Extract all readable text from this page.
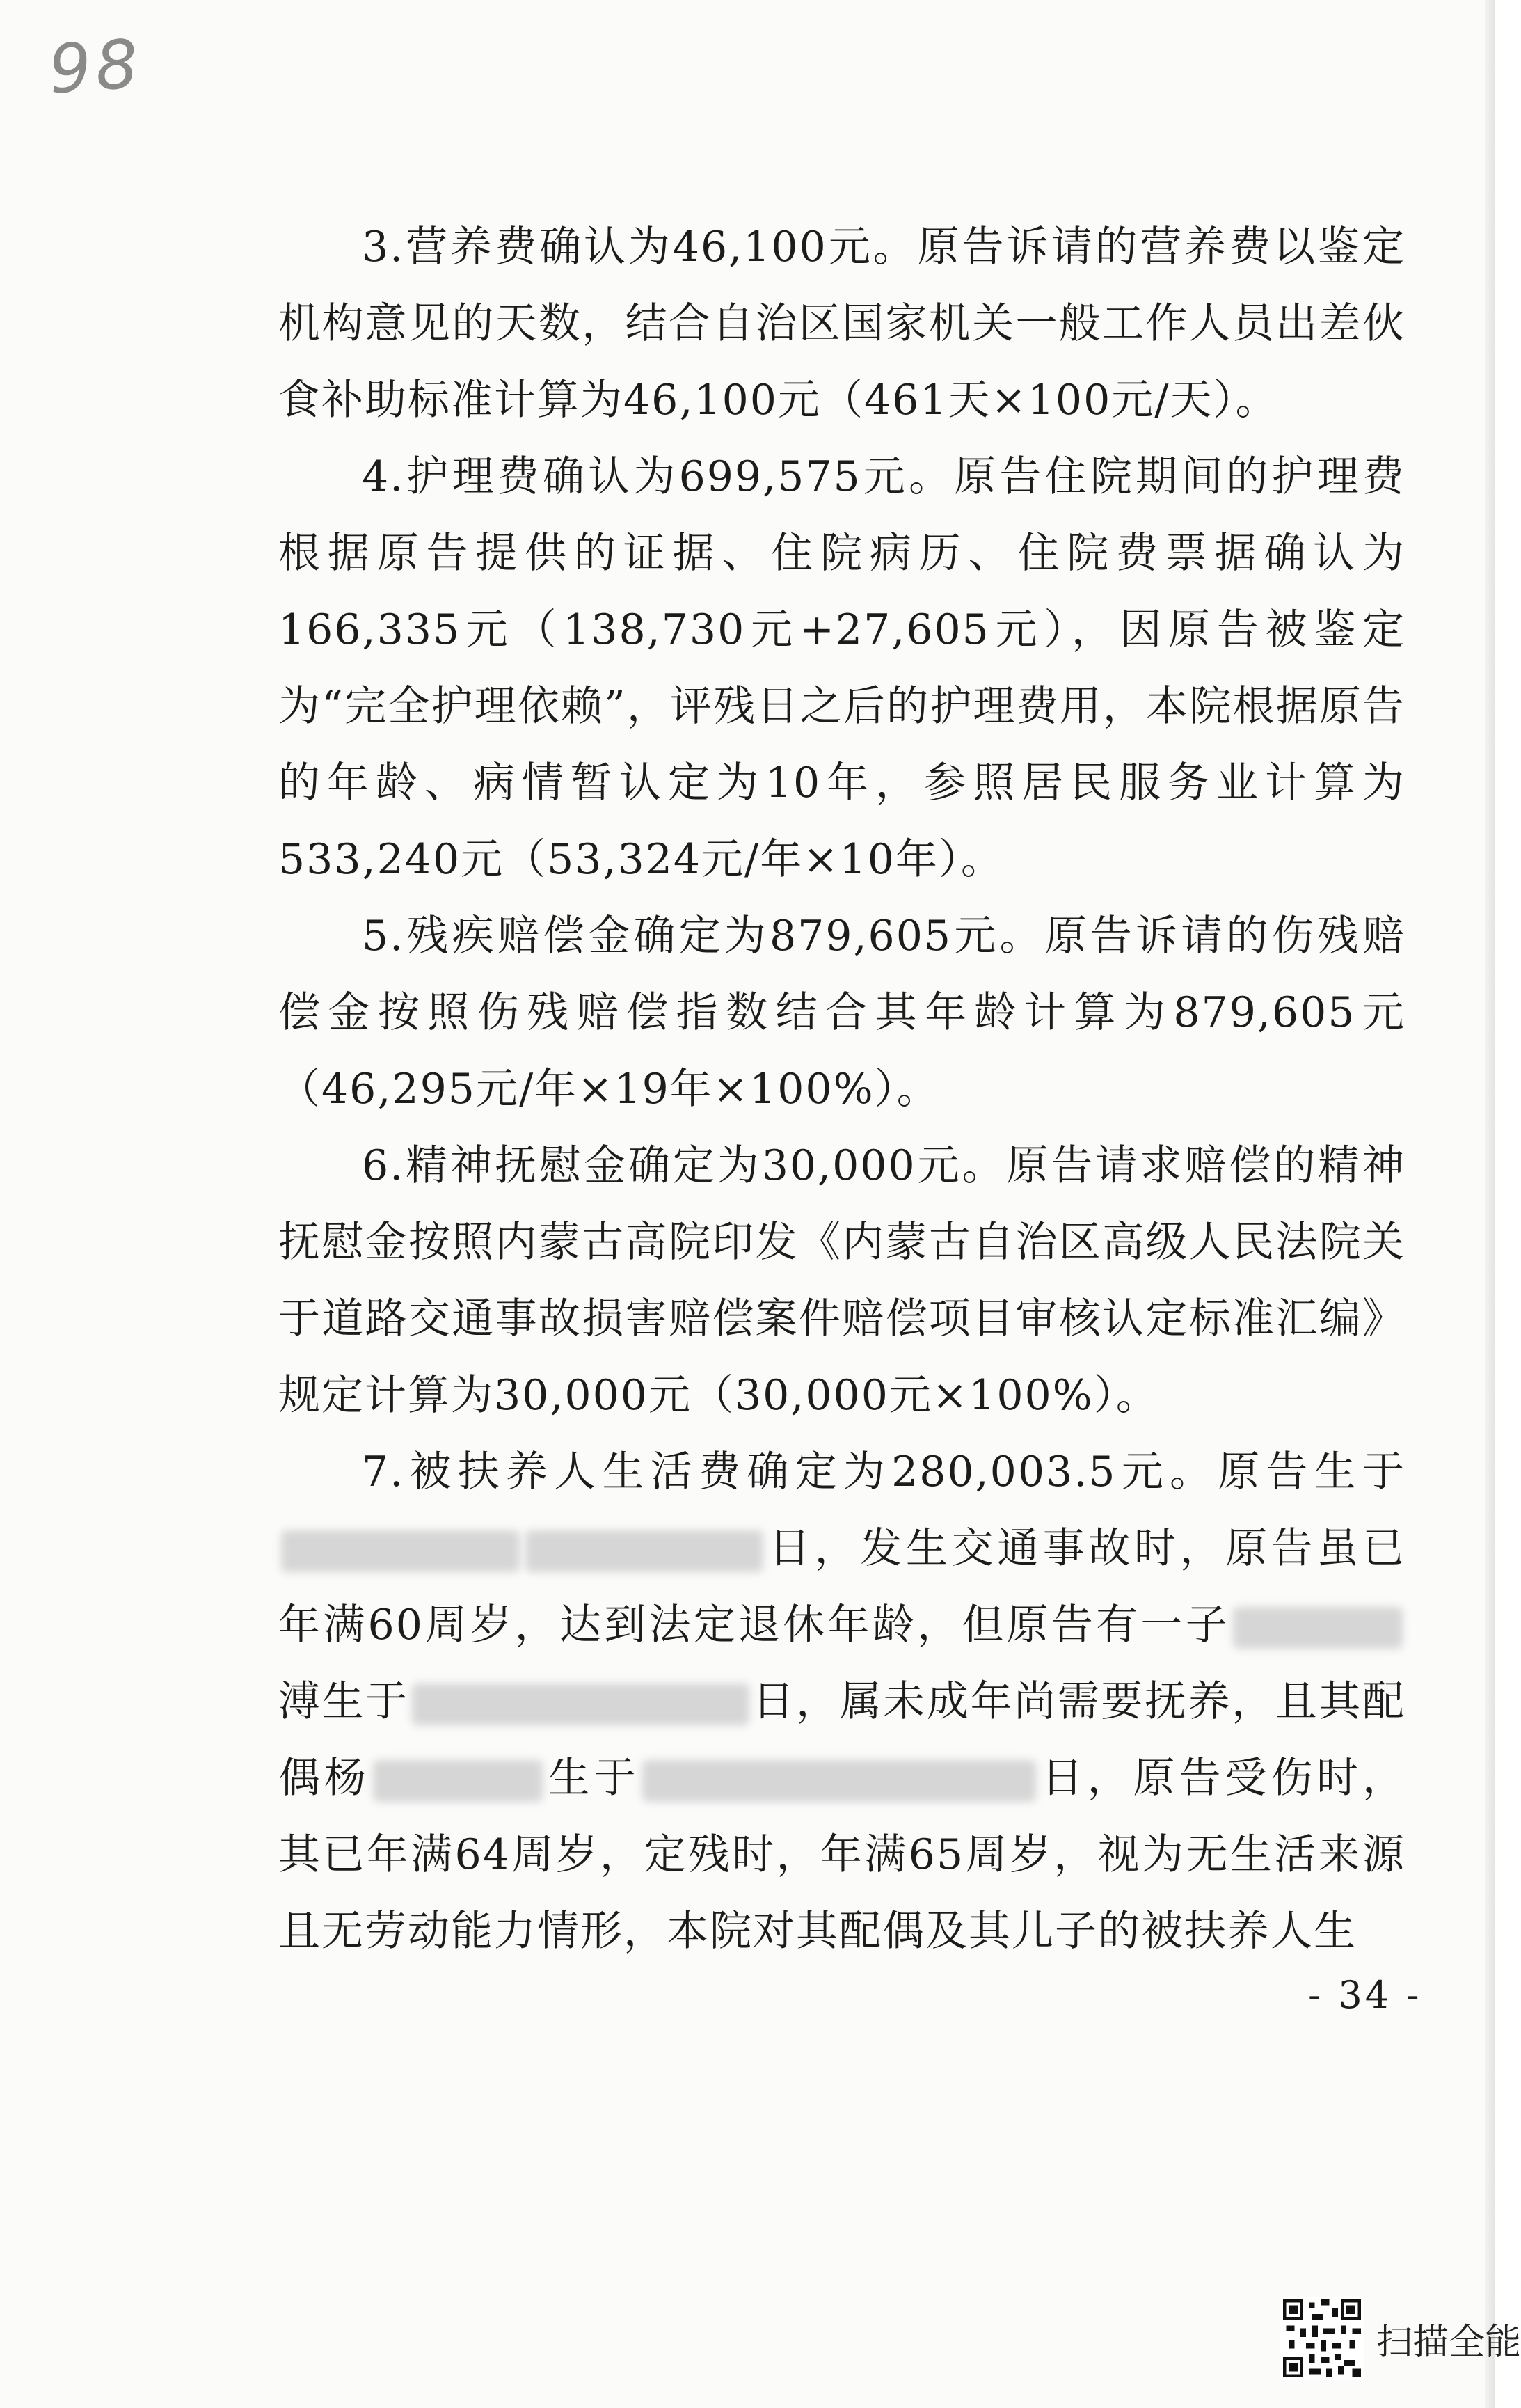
98

3.营养费确认为46,100元。原告诉请的营养费以鉴定机构意见的天数，结合自治区国家机关一般工作人员出差伙食补助标准计算为46,100元（461天×100元/天）。

4.护理费确认为699,575元。原告住院期间的护理费根据原告提供的证据、住院病历、住院费票据确认为166,335元（138,730元+27,605元），因原告被鉴定为“完全护理依赖”，评残日之后的护理费用，本院根据原告的年龄、病情暂认定为10年，参照居民服务业计算为533,240元（53,324元/年×10年）。

5.残疾赔偿金确定为879,605元。原告诉请的伤残赔偿金按照伤残赔偿指数结合其年龄计算为879,605元（46,295元/年×19年×100%）。

6.精神抚慰金确定为30,000元。原告请求赔偿的精神抚慰金按照内蒙古高院印发《内蒙古自治区高级人民法院关于道路交通事故损害赔偿案件赔偿项目审核认定标准汇编》规定计算为30,000元（30,000元×100%）。

7.被扶养人生活费确定为280,003.5元。原告生于日，发生交通事故时，原告虽已年满60周岁，达到法定退休年龄，但原告有一子溥生于	日，属未成年尚需要抚养，且其配偶杨	生于	日，原告受伤时，其已年满64周岁，定残时，年满65周岁，视为无生活来源且无劳动能力情形，本院对其配偶及其儿子的被扶养人生

- 34 -
扫描全能
